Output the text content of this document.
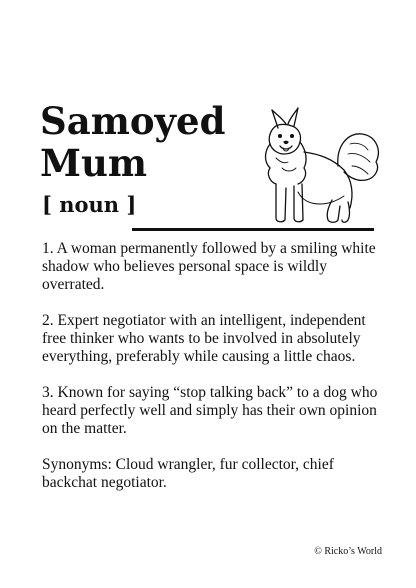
Samoyed
Mum
[ noun ]

1. A woman permanently followed by a smiling white shadow who believes personal space is wildly overrated.

2. Expert negotiator with an intelligent, independent free thinker who wants to be involved in absolutely everything, preferably while causing a little chaos.

3. Known for saying “stop talking back” to a dog who heard perfectly well and simply has their own opinion on the matter.

Synonyms: Cloud wrangler, fur collector, chief backchat negotiator.

© Ricko’s World
